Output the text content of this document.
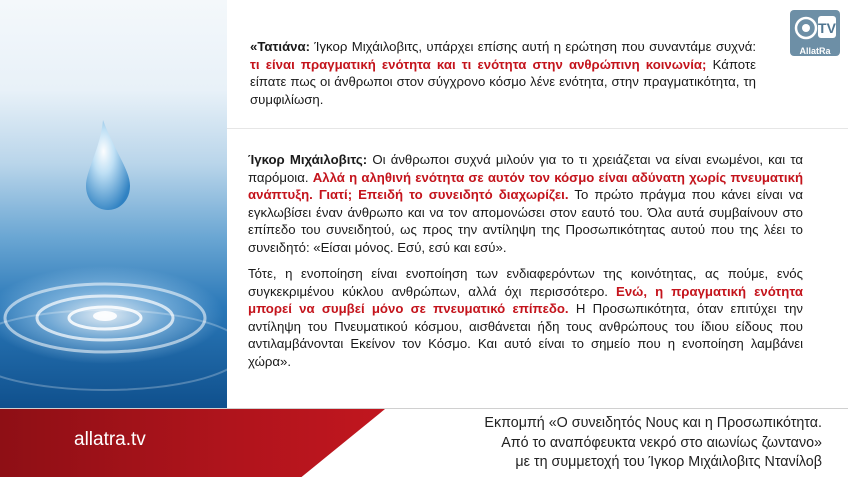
TV
AllatRa
«Τατιάνα: Ίγκορ Μιχάιλοβιτς, υπάρχει επίσης αυτή η ερώτηση που συναντάμε συχνά: τι είναι πραγματική ενότητα και τι ενότητα στην ανθρώπινη κοινωνία; Κάποτε είπατε πως οι άνθρωποι στον σύγχρονο κόσμο λένε ενότητα, στην πραγματικότητα, τη συμφιλίωση.

Ίγκορ Μιχάιλοβιτς: Οι άνθρωποι συχνά μιλούν για το τι χρειάζεται να είναι ενωμένοι, και τα παρόμοια. Αλλά η αληθινή ενότητα σε αυτόν τον κόσμο είναι αδύνατη χωρίς πνευματική ανάπτυξη. Γιατί; Επειδή το συνειδητό διαχωρίζει. Το πρώτο πράγμα που κάνει είναι να εγκλωβίσει έναν άνθρωπο και να τον απομονώσει στον εαυτό του. Όλα αυτά συμβαίνουν στο επίπεδο του συνειδητού, ως προς την αντίληψη της Προσωπικότητας αυτού που της λέει το συνειδητό: «Είσαι μόνος. Εσύ, εσύ και εσύ».

Τότε, η ενοποίηση είναι ενοποίηση των ενδιαφερόντων της κοινότητας, ας πούμε, ενός συγκεκριμένου κύκλου ανθρώπων, αλλά όχι περισσότερο. Ενώ, η πραγματική ενότητα μπορεί να συμβεί μόνο σε πνευματικό επίπεδο. Η Προσωπικότητα, όταν επιτύχει την αντίληψη του Πνευματικού κόσμου, αισθάνεται ήδη τους ανθρώπους του ίδιου είδους που αντιλαμβάνονται Εκείνον τον Κόσμο. Και αυτό είναι το σημείο που η ενοποίηση λαμβάνει χώρα».

allatra.tv
Εκπομπή «Ο συνειδητός Νους και η Προσωπικότητα.
Από το αναπόφευκτα νεκρό στο αιωνίως ζωντανο»
με τη συμμετοχή του Ίγκορ Μιχάιλοβιτς Ντανίλοβ
